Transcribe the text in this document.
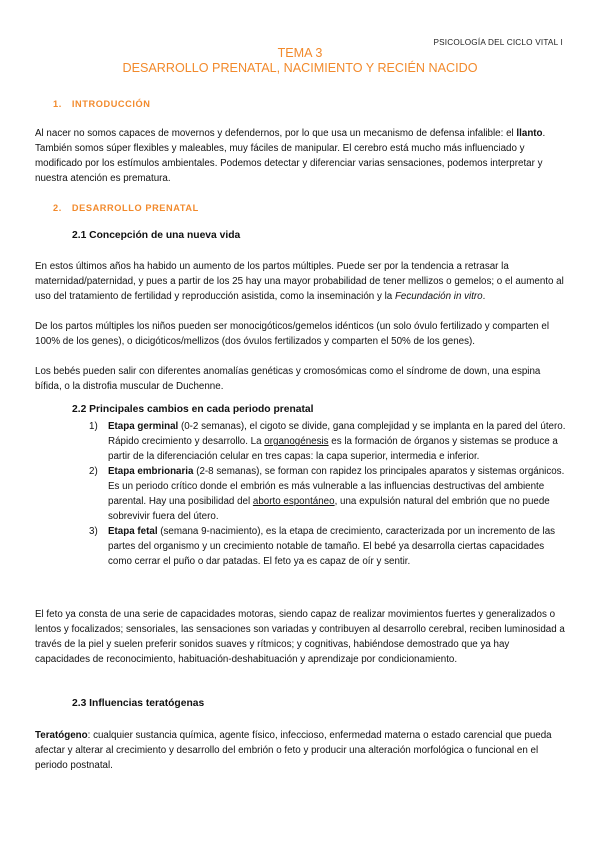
PSICOLOGÍA DEL CICLO VITAL I
TEMA 3
DESARROLLO PRENATAL, NACIMIENTO Y RECIÉN NACIDO
1. INTRODUCCIÓN
Al nacer no somos capaces de movernos y defendernos, por lo que usa un mecanismo de defensa infalible: el llanto. También somos súper flexibles y maleables, muy fáciles de manipular. El cerebro está mucho más influenciado y modificado por los estímulos ambientales. Podemos detectar y diferenciar varias sensaciones, podemos interpretar y nuestra atención es prematura.
2. DESARROLLO PRENATAL
2.1 Concepción de una nueva vida
En estos últimos años ha habido un aumento de los partos múltiples. Puede ser por la tendencia a retrasar la maternidad/paternidad, y pues a partir de los 25 hay una mayor probabilidad de tener mellizos o gemelos; o el aumento al uso del tratamiento de fertilidad y reproducción asistida, como la inseminación y la Fecundación in vitro.
De los partos múltiples los niños pueden ser monocigóticos/gemelos idénticos (un solo óvulo fertilizado y comparten el 100% de los genes), o dicigóticos/mellizos (dos óvulos fertilizados y comparten el 50% de los genes).
Los bebés pueden salir con diferentes anomalías genéticas y cromosómicas como el síndrome de down, una espina bífida, o la distrofia muscular de Duchenne.
2.2 Principales cambios en cada periodo prenatal
1) Etapa germinal (0-2 semanas), el cigoto se divide, gana complejidad y se implanta en la pared del útero. Rápido crecimiento y desarrollo. La organogénesis es la formación de órganos y sistemas se produce a partir de la diferenciación celular en tres capas: la capa superior, intermedia e inferior.
2) Etapa embrionaria (2-8 semanas), se forman con rapidez los principales aparatos y sistemas orgánicos. Es un periodo crítico donde el embrión es más vulnerable a las influencias destructivas del ambiente parental. Hay una posibilidad del aborto espontáneo, una expulsión natural del embrión que no puede sobrevivir fuera del útero.
3) Etapa fetal (semana 9-nacimiento), es la etapa de crecimiento, caracterizada por un incremento de las partes del organismo y un crecimiento notable de tamaño. El bebé ya desarrolla ciertas capacidades como cerrar el puño o dar patadas. El feto ya es capaz de oír y sentir.
El feto ya consta de una serie de capacidades motoras, siendo capaz de realizar movimientos fuertes y generalizados o lentos y focalizados; sensoriales, las sensaciones son variadas y contribuyen al desarrollo cerebral, reciben luminosidad a través de la piel y suelen preferir sonidos suaves y rítmicos; y cognitivas, habiéndose demostrado que ya hay capacidades de reconocimiento, habituación-deshabituación y aprendizaje por condicionamiento.
2.3 Influencias teratógenas
Teratógeno: cualquier sustancia química, agente físico, infeccioso, enfermedad materna o estado carencial que pueda afectar y alterar al crecimiento y desarrollo del embrión o feto y producir una alteración morfológica o funcional en el periodo postnatal.
